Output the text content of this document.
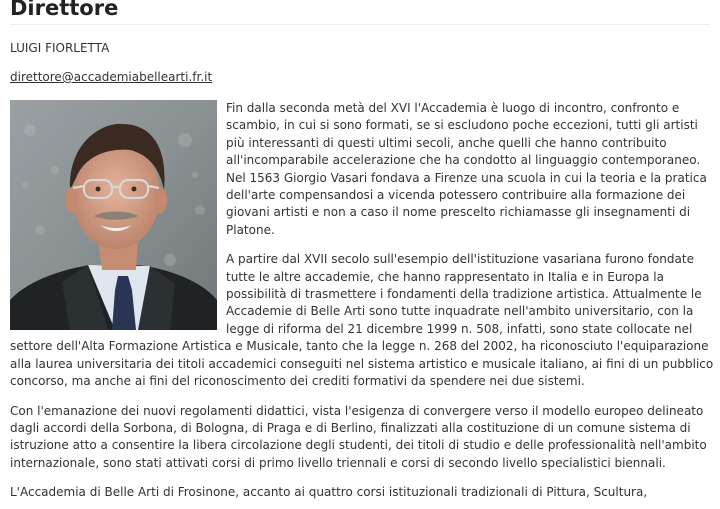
Direttore
LUIGI FIORLETTA
direttore@accademiabellearti.fr.it

Fin dalla seconda metà del XVI l'Accademia è luogo di incontro, confronto e scambio, in cui si sono formati, se si escludono poche eccezioni, tutti gli artisti più interessanti di questi ultimi secoli, anche quelli che hanno contribuito all'incomparabile accelerazione che ha condotto al linguaggio contemporaneo. Nel 1563 Giorgio Vasari fondava a Firenze una scuola in cui la teoria e la pratica dell'arte compensandosi a vicenda potessero contribuire alla formazione dei giovani artisti e non a caso il nome prescelto richiamasse gli insegnamenti di Platone.

A partire dal XVII secolo sull'esempio dell'istituzione vasariana furono fondate tutte le altre accademie, che hanno rappresentato in Italia e in Europa la possibilità di trasmettere i fondamenti della tradizione artistica. Attualmente le Accademie di Belle Arti sono tutte inquadrate nell'ambito universitario, con la legge di riforma del 21 dicembre 1999 n. 508, infatti, sono state collocate nel settore dell'Alta Formazione Artistica e Musicale, tanto che la legge n. 268 del 2002, ha riconosciuto l'equiparazione alla laurea universitaria dei titoli accademici conseguiti nel sistema artistico e musicale italiano, ai fini di un pubblico concorso, ma anche ai fini del riconoscimento dei crediti formativi da spendere nei due sistemi.

Con l'emanazione dei nuovi regolamenti didattici, vista l'esigenza di convergere verso il modello europeo delineato dagli accordi della Sorbona, di Bologna, di Praga e di Berlino, finalizzati alla costituzione di un comune sistema di istruzione atto a consentire la libera circolazione degli studenti, dei titoli di studio e delle professionalità nell'ambito internazionale, sono stati attivati corsi di primo livello triennali e corsi di secondo livello specialistici biennali.

L'Accademia di Belle Arti di Frosinone, accanto ai quattro corsi istituzionali tradizionali di Pittura, Scultura,
